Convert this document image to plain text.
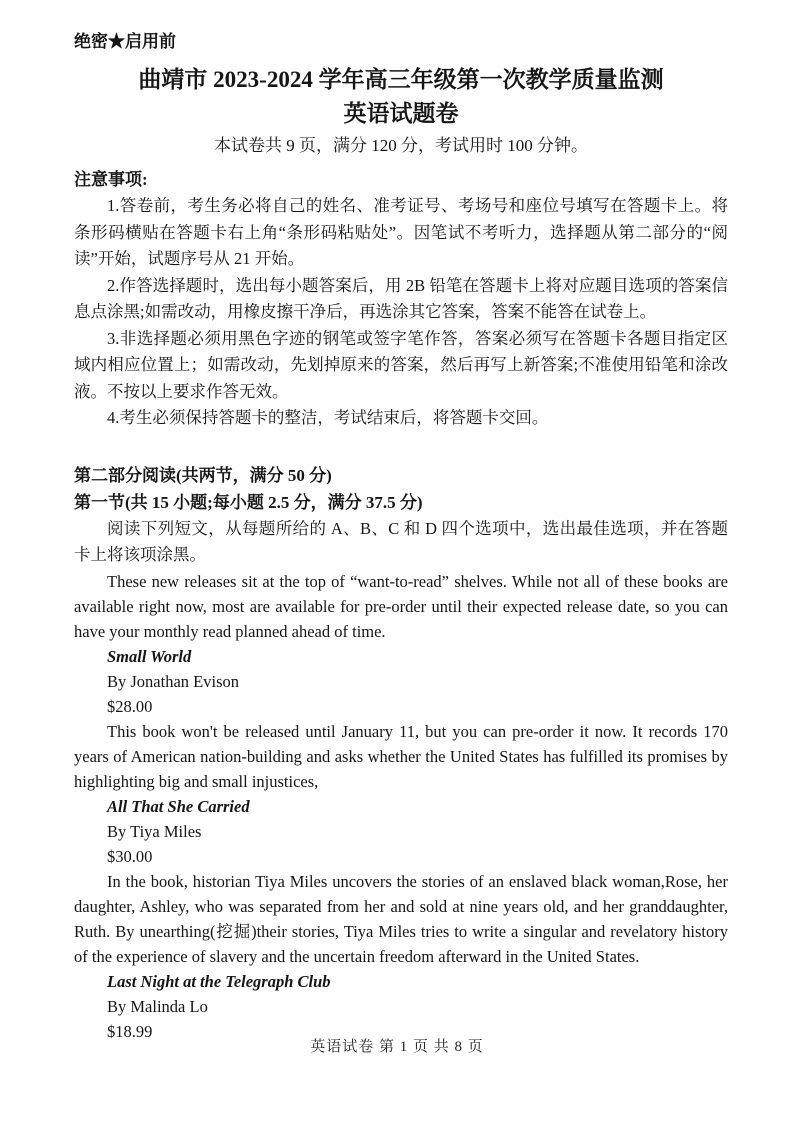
绝密★启用前
曲靖市 2023-2024 学年高三年级第一次教学质量监测
英语试题卷
本试卷共 9 页，满分 120 分，考试用时 100 分钟。
注意事项:

1.答卷前，考生务必将自己的姓名、准考证号、考场号和座位号填写在答题卡上。将条形码横贴在答题卡右上角“条形码粘贴处”。因笔试不考听力，选择题从第二部分的“阅读”开始，试题序号从 21 开始。

2.作答选择题时，选出每小题答案后，用 2B 铅笔在答题卡上将对应题目选项的答案信息点涂黑;如需改动，用橡皮擦干净后，再选涂其它答案，答案不能答在试卷上。

3.非选择题必须用黑色字迹的钢笔或签字笔作答，答案必须写在答题卡各题目指定区域内相应位置上；如需改动，先划掉原来的答案，然后再写上新答案;不准使用铅笔和涂改液。不按以上要求作答无效。

4.考生必须保持答题卡的整洁，考试结束后，将答题卡交回。

第二部分阅读(共两节，满分 50 分)
第一节(共 15 小题;每小题 2.5 分，满分 37.5 分)

阅读下列短文，从每题所给的 A、B、C 和 D 四个选项中，选出最佳选项，并在答题卡上将该项涂黑。

These new releases sit at the top of “want-to-read” shelves. While not all of these books are available right now, most are available for pre-order until their expected release date, so you can have your monthly read planned ahead of time.

Small World

By Jonathan Evison

$28.00

This book won't be released until January 11, but you can pre-order it now. It records 170 years of American nation-building and asks whether the United States has fulfilled its promises by highlighting big and small injustices,

All That She Carried

By Tiya Miles

$30.00

In the book, historian Tiya Miles uncovers the stories of an enslaved black woman,Rose, her daughter, Ashley, who was separated from her and sold at nine years old, and her granddaughter, Ruth. By unearthing(挖掘)their stories, Tiya Miles tries to write a singular and revelatory history of the experience of slavery and the uncertain freedom afterward in the United States.

Last Night at the Telegraph Club

By Malinda Lo

$18.99

英语试卷 第 1 页 共 8 页
